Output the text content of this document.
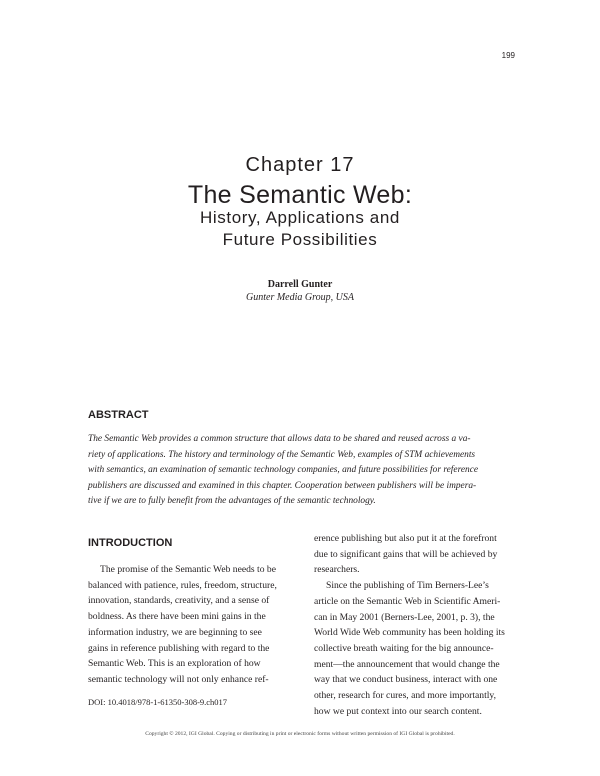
199
Chapter 17
The Semantic Web:
History, Applications and
Future Possibilities
Darrell Gunter
Gunter Media Group, USA
ABSTRACT
The Semantic Web provides a common structure that allows data to be shared and reused across a va-
riety of applications. The history and terminology of the Semantic Web, examples of STM achievements
with semantics, an examination of semantic technology companies, and future possibilities for reference
publishers are discussed and examined in this chapter. Cooperation between publishers will be impera-
tive if we are to fully benefit from the advantages of the semantic technology.
INTRODUCTION
The promise of the Semantic Web needs to be
balanced with patience, rules, freedom, structure,
innovation, standards, creativity, and a sense of
boldness. As there have been mini gains in the
information industry, we are beginning to see
gains in reference publishing with regard to the
Semantic Web. This is an exploration of how
semantic technology will not only enhance ref-
erence publishing but also put it at the forefront
due to significant gains that will be achieved by
researchers.
Since the publishing of Tim Berners-Lee’s
article on the Semantic Web in Scientific Ameri-
can in May 2001 (Berners-Lee, 2001, p. 3), the
World Wide Web community has been holding its
collective breath waiting for the big announce-
ment—the announcement that would change the
way that we conduct business, interact with one
other, research for cures, and more importantly,
how we put context into our search content.
DOI: 10.4018/978-1-61350-308-9.ch017
Copyright © 2012, IGI Global. Copying or distributing in print or electronic forms without written permission of IGI Global is prohibited.
